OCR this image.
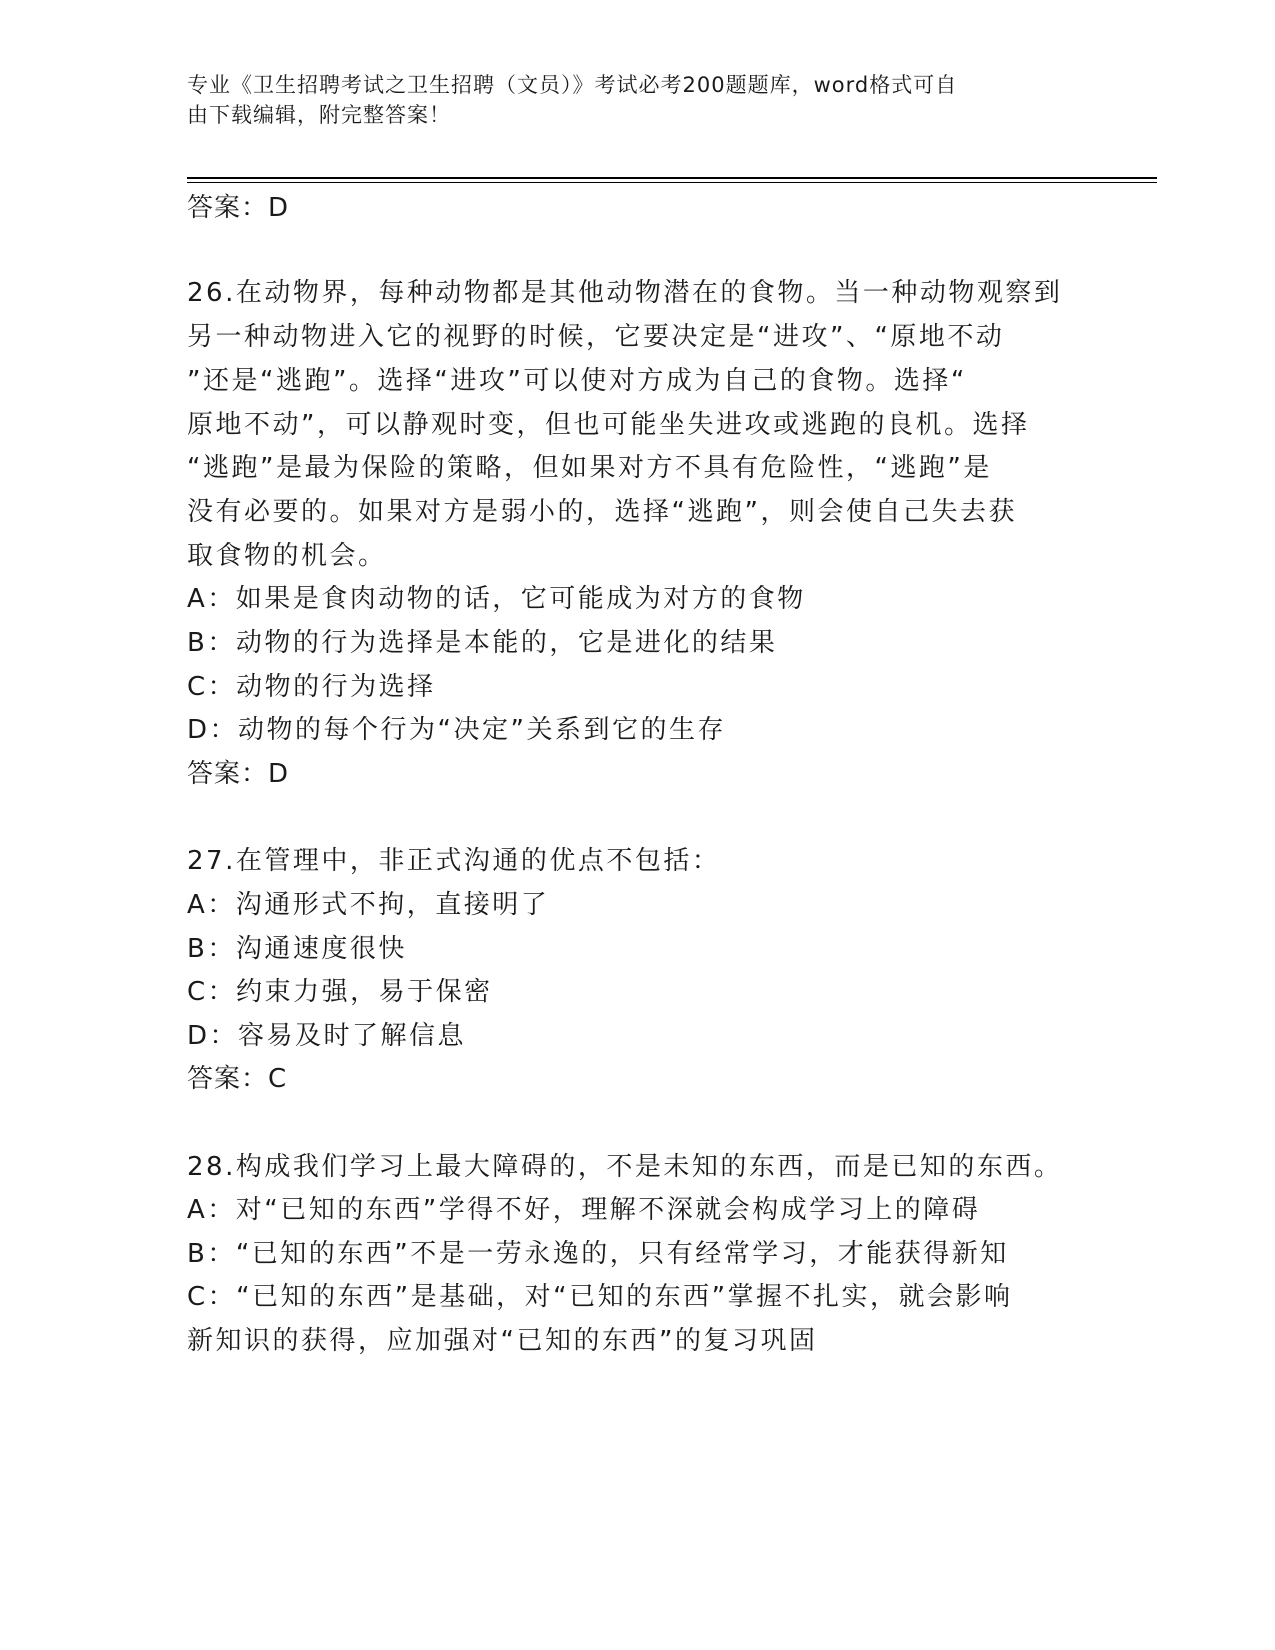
专业《卫生招聘考试之卫生招聘（文员）》考试必考200题题库，word格式可自
由下载编辑，附完整答案！
答案：D
26.在动物界，每种动物都是其他动物潜在的食物。当一种动物观察到
另一种动物进入它的视野的时候，它要决定是“进攻”、“原地不动
”还是“逃跑”。选择“进攻”可以使对方成为自己的食物。选择“
原地不动”，可以静观时变，但也可能坐失进攻或逃跑的良机。选择
“逃跑”是最为保险的策略，但如果对方不具有危险性，“逃跑”是
没有必要的。如果对方是弱小的，选择“逃跑”，则会使自己失去获
取食物的机会。
A：如果是食肉动物的话，它可能成为对方的食物
B：动物的行为选择是本能的，它是进化的结果
C：动物的行为选择
D：动物的每个行为“决定”关系到它的生存
答案：D
27.在管理中，非正式沟通的优点不包括：
A：沟通形式不拘，直接明了
B：沟通速度很快
C：约束力强，易于保密
D：容易及时了解信息
答案：C
28.构成我们学习上最大障碍的，不是未知的东西，而是已知的东西。
A：对“已知的东西”学得不好，理解不深就会构成学习上的障碍
B：“已知的东西”不是一劳永逸的，只有经常学习，才能获得新知
C：“已知的东西”是基础，对“已知的东西”掌握不扎实，就会影响
新知识的获得，应加强对“已知的东西”的复习巩固
